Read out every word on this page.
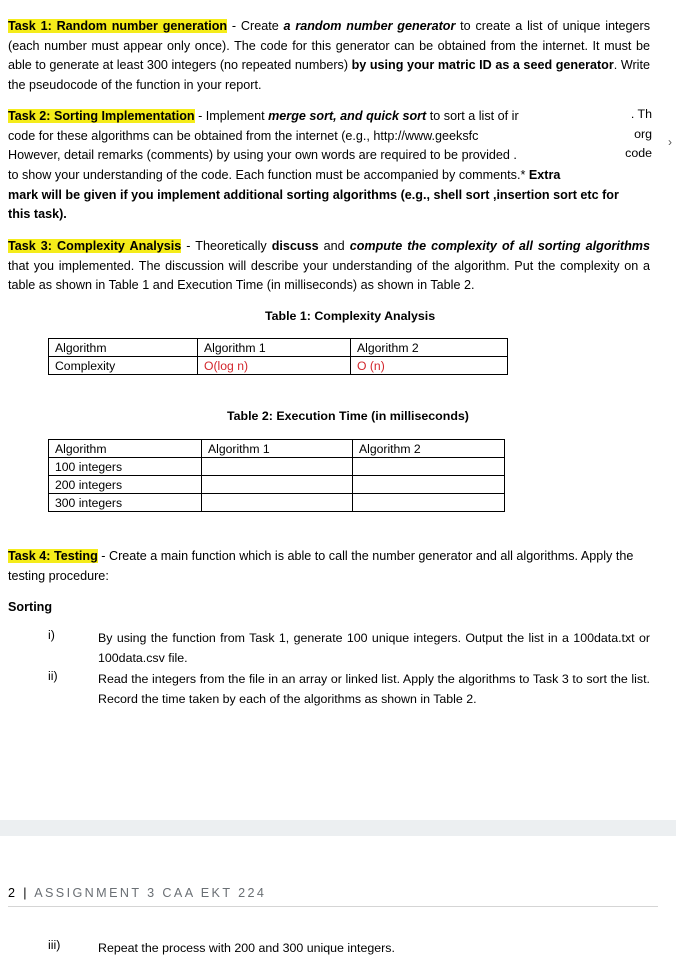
Task 1: Random number generation - Create a random number generator to create a list of unique integers (each number must appear only once). The code for this generator can be obtained from the internet. It must be able to generate at least 300 integers (no repeated numbers) by using your matric ID as a seed generator. Write the pseudocode of the function in your report.
Task 2: Sorting Implementation - Implement merge sort, and quick sort to sort a list of ir
code for these algorithms can be obtained from the internet (e.g., http://www.geeksfc
However, detail remarks (comments) by using your own words are required to be provided .
. Th
org
code
›
to show your understanding of the code. Each function must be accompanied by comments.* Extra
mark will be given if you implement additional sorting algorithms (e.g., shell sort ,insertion sort etc for
this task).
Task 3: Complexity Analysis - Theoretically discuss and compute the complexity of all sorting algorithms that you implemented. The discussion will describe your understanding of the algorithm. Put the complexity on a table as shown in Table 1 and Execution Time (in milliseconds) as shown in Table 2.
Table 1: Complexity Analysis
Algorithm	Algorithm 1	Algorithm 2
Complexity	O(log n)	O (n)
Table 2: Execution Time (in milliseconds)
Algorithm	Algorithm 1	Algorithm 2
100 integers		
200 integers		
300 integers		
Task 4: Testing - Create a main function which is able to call the number generator and all algorithms. Apply the testing procedure:
Sorting
i)	By using the function from Task 1, generate 100 unique integers. Output the list in a 100data.txt or 100data.csv file.
ii)	Read the integers from the file in an array or linked list. Apply the algorithms to Task 3 to sort the list. Record the time taken by each of the algorithms as shown in Table 2.
2 | ASSIGNMENT 3 CAA EKT 224
iii)	Repeat the process with 200 and 300 unique integers.
